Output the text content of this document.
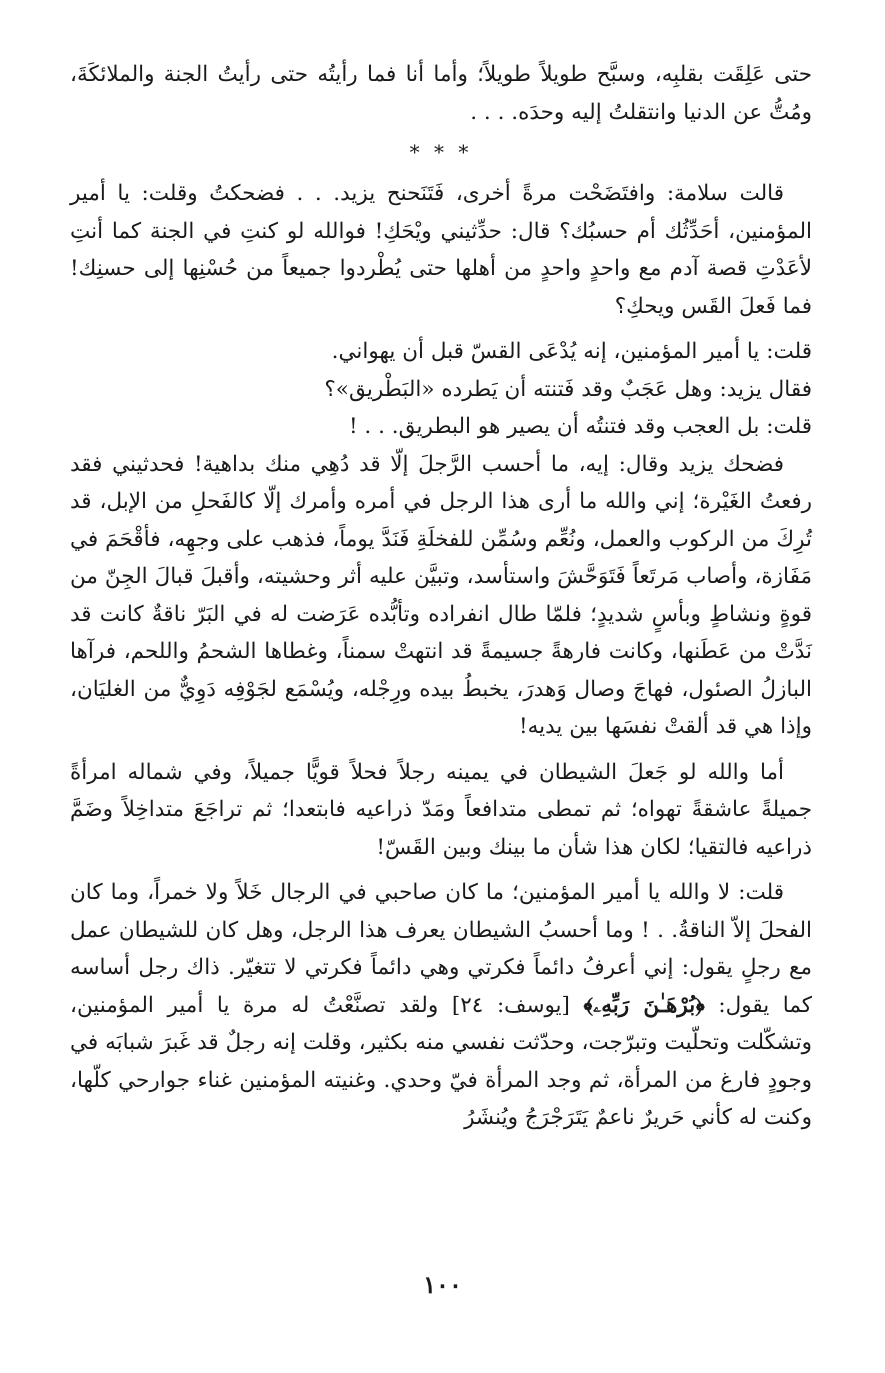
حتى عَلِقَت بقلبِه، وسبَّح طويلاً طويلاً؛ وأما أنا فما رأيتُه حتى رأيتُ الجنة والملائكَةَ، ومُتُّ عن الدنيا وانتقلتُ إليه وحدَه. . . .

* * *

قالت سلامة: وافتَضَحْت مرةً أخرى، فَتَنَحنح يزيد. . . فضحكتُ وقلت: يا أمير المؤمنين، أحَدِّثُك أم حسبُك؟ قال: حدِّثيني ويْحَكِ! فوالله لو كنتِ في الجنة كما أنتِ لأعَدْتِ قصة آدم مع واحدٍ واحدٍ من أهلها حتى يُطْردوا جميعاً من حُسْنِها إلى حسنِك! فما فَعلَ القَس ويحكِ؟

قلت: يا أمير المؤمنين، إنه يُدْعَى القسّ قبل أن يهواني.

فقال يزيد: وهل عَجَبٌ وقد فَتنته أن يَطرده «البَطْريق»؟

قلت: بل العجب وقد فتنتُه أن يصير هو البطريق. . . !

فضحك يزيد وقال: إيه، ما أحسب الرَّجلَ إلّا قد دُهِي منك بداهية! فحدثيني فقد رفعتُ الغَيْرة؛ إني والله ما أرى هذا الرجل في أمره وأمرك إلّا كالفَحلِ من الإبل، قد تُرِكَ من الركوب والعمل، ونُعِّم وسُمِّن للفخلَةِ فَنَدَّ يوماً، فذهب على وجهِه، فأقْحَمَ في مَفَازة، وأصاب مَرتَعاً فَتَوَحَّشَ واستأسد، وتبيَّن عليه أثر وحشيته، وأقبلَ قبالَ الجِنّ من قوةٍ ونشاطٍ وبأسٍ شديدٍ؛ فلمّا طال انفراده وتأبُّده عَرَضت له في البَرّ ناقةٌ كانت قد نَدَّتْ من عَطَنها، وكانت فارهةً جسيمةً قد انتهتْ سمناً، وغطاها الشحمُ واللحم، فرآها البازلُ الصئول، فهاجَ وصال وَهدرَ، يخبطُ بيده ورِجْله، ويُسْمَع لجَوْفِه دَوِيٌّ من الغليَان، وإذا هي قد ألقتْ نفسَها بين يديه!

أما والله لو جَعلَ الشيطان في يمينه رجلاً فحلاً قويًّا جميلاً، وفي شماله امرأةً جميلةً عاشقةً تهواه؛ ثم تمطى متدافعاً ومَدّ ذراعيه فابتعدا؛ ثم تراجَعَ متداخِلاً وضَمَّ ذراعيه فالتقيا؛ لكان هذا شأن ما بينك وبين القَسّ!

قلت: لا والله يا أمير المؤمنين؛ ما كان صاحبي في الرجال خَلاً ولا خمراً، وما كان الفحلَ إلاّ الناقةُ. . ! وما أحسبُ الشيطان يعرف هذا الرجل، وهل كان للشيطان عمل مع رجلٍ يقول: إني أعرفُ دائماً فكرتي وهي دائماً فكرتي لا تتغيّر. ذاك رجل أساسه كما يقول: ﴿بُرْهَـٰنَ رَبِّهِۦ﴾ [يوسف: ٢٤] ولقد تصنَّعْتُ له مرة يا أمير المؤمنين، وتشكّلت وتحلّيت وتبرّجت، وحدّثت نفسي منه بكثير، وقلت إنه رجلٌ قد غَبرَ شبابَه في وجودٍ فارغ من المرأة، ثم وجد المرأة فيّ وحدي. وغنيته المؤمنين غناء جوارحي كلّها، وكنت له كأني حَريرٌ ناعمٌ يَتَرَجْرَجُ ويُنشَرُ

١٠٠
